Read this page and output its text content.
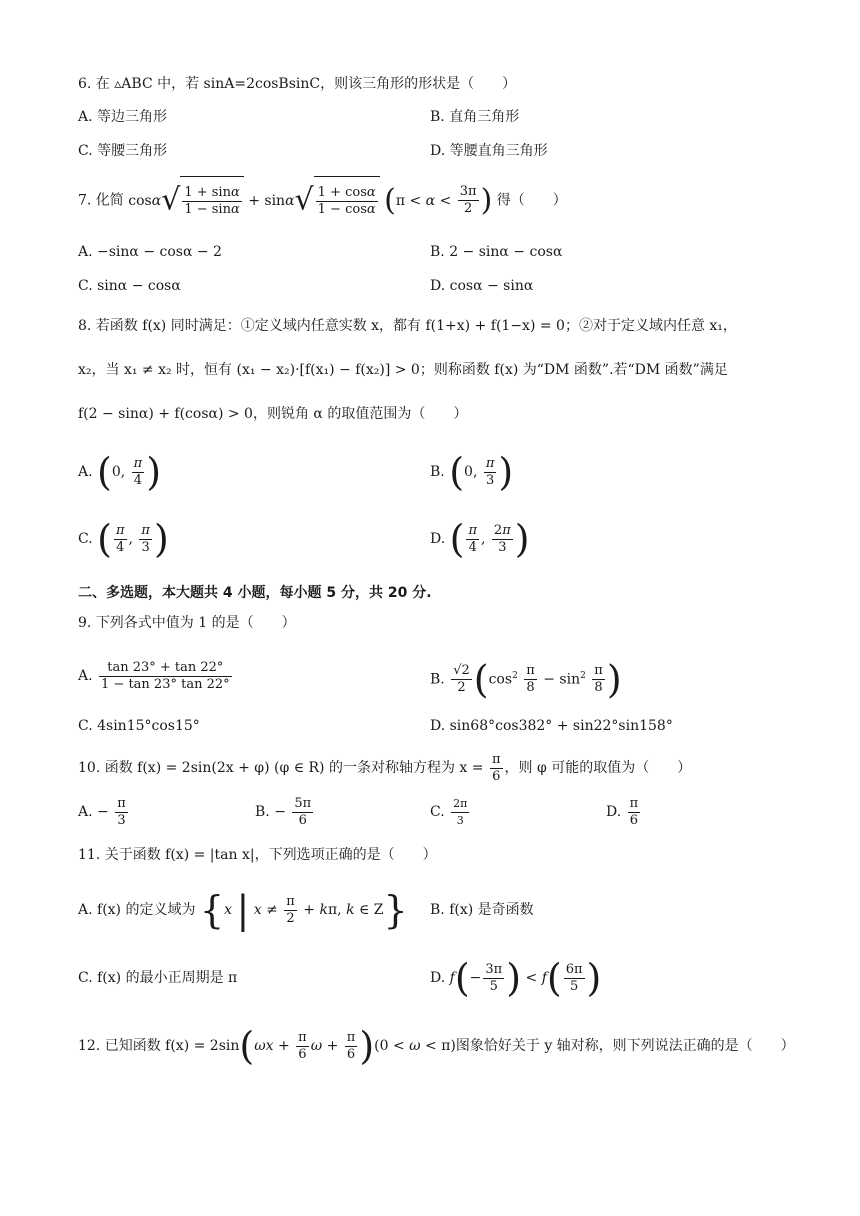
6. 在 ▵ABC 中，若 sinA=2cosBsinC，则该三角形的形状是（　　）
A. 等边三角形	B. 直角三角形
C. 等腰三角形	D. 等腰直角三角形
7. 化简 $\cos\alpha√ \frac{1 + \sin\alpha}{1 - \sin\alpha} + \sin\alpha√ \frac{1 + \cos\alpha}{1 - \cos\alpha} (\pi < \alpha < \frac{3\pi}{2}$ ) 得（　　）
A. −sinα − cosα − 2	B. 2 − sinα − cosα
C. sinα − cosα	D. cosα − sinα
8. 若函数 f(x) 同时满足：①定义域内任意实数 x，都有 f(1+x) + f(1−x) = 0；②对于定义域内任意 x₁，
x₂，当 x₁ ≠ x₂ 时，恒有 (x₁ − x₂)·[f(x₁) − f(x₂)] > 0；则称函数 f(x) 为“DM 函数”.若“DM 函数”满足
f(2 − sinα) + f(cosα) > 0，则锐角 α 的取值范围为（　　）
A. (0, $\frac{\pi}{4}$ )	B. (0, $\frac{\pi}{3}$ )
C. ( $\frac{\pi}{4}$ , $\frac{\pi}{3}$ )	D. ( $\frac{\pi}{4}$ , $\frac{2\pi}{3}$ )
二、多选题，本大题共 4 小题，每小题 5 分，共 20 分.
9. 下列各式中值为 1 的是（　　）
A. $\frac{\tan 23^\circ + \tan 22^\circ}{1 - \tan 23^\circ \tan 22^\circ}$	B. $\frac{√2}{2} (\cos^2 \frac{\pi}{8} - \sin^2 \frac{\pi}{8}$ )
C. 4sin15°cos15°	D. sin68°cos382° + sin22°sin158°
10. 函数 f(x) = 2sin(2x + φ) (φ ∈ R) 的一条对称轴方程为 $x = \frac{\pi}{6}$ ，则 φ 可能的取值为（　　）
A. − $\frac{\pi}{3}$	B. − $\frac{5\pi}{6}$	C. $\frac{2\pi}{3}$	D. $\frac{\pi}{6}$
11. 关于函数 f(x) = |tan x|，下列选项正确的是（　　）
A. f(x) 的定义域为 {x | $x \ne \frac{\pi}{2} + k\pi$, k ∈ Z} B. f(x) 是奇函数
C. f(x) 的最小正周期是 π	D. $f(- \frac{3\pi}{5}$ ) < $f( \frac{6\pi}{5}$ )
12. 已知函数 $f(x) = 2\sin(\omega x + \frac{\pi}{6}$ $\omega + \frac{\pi}{6} )(0 < \omega < \pi)$图象恰好关于 y 轴对称，则下列说法正确的是（　　）
